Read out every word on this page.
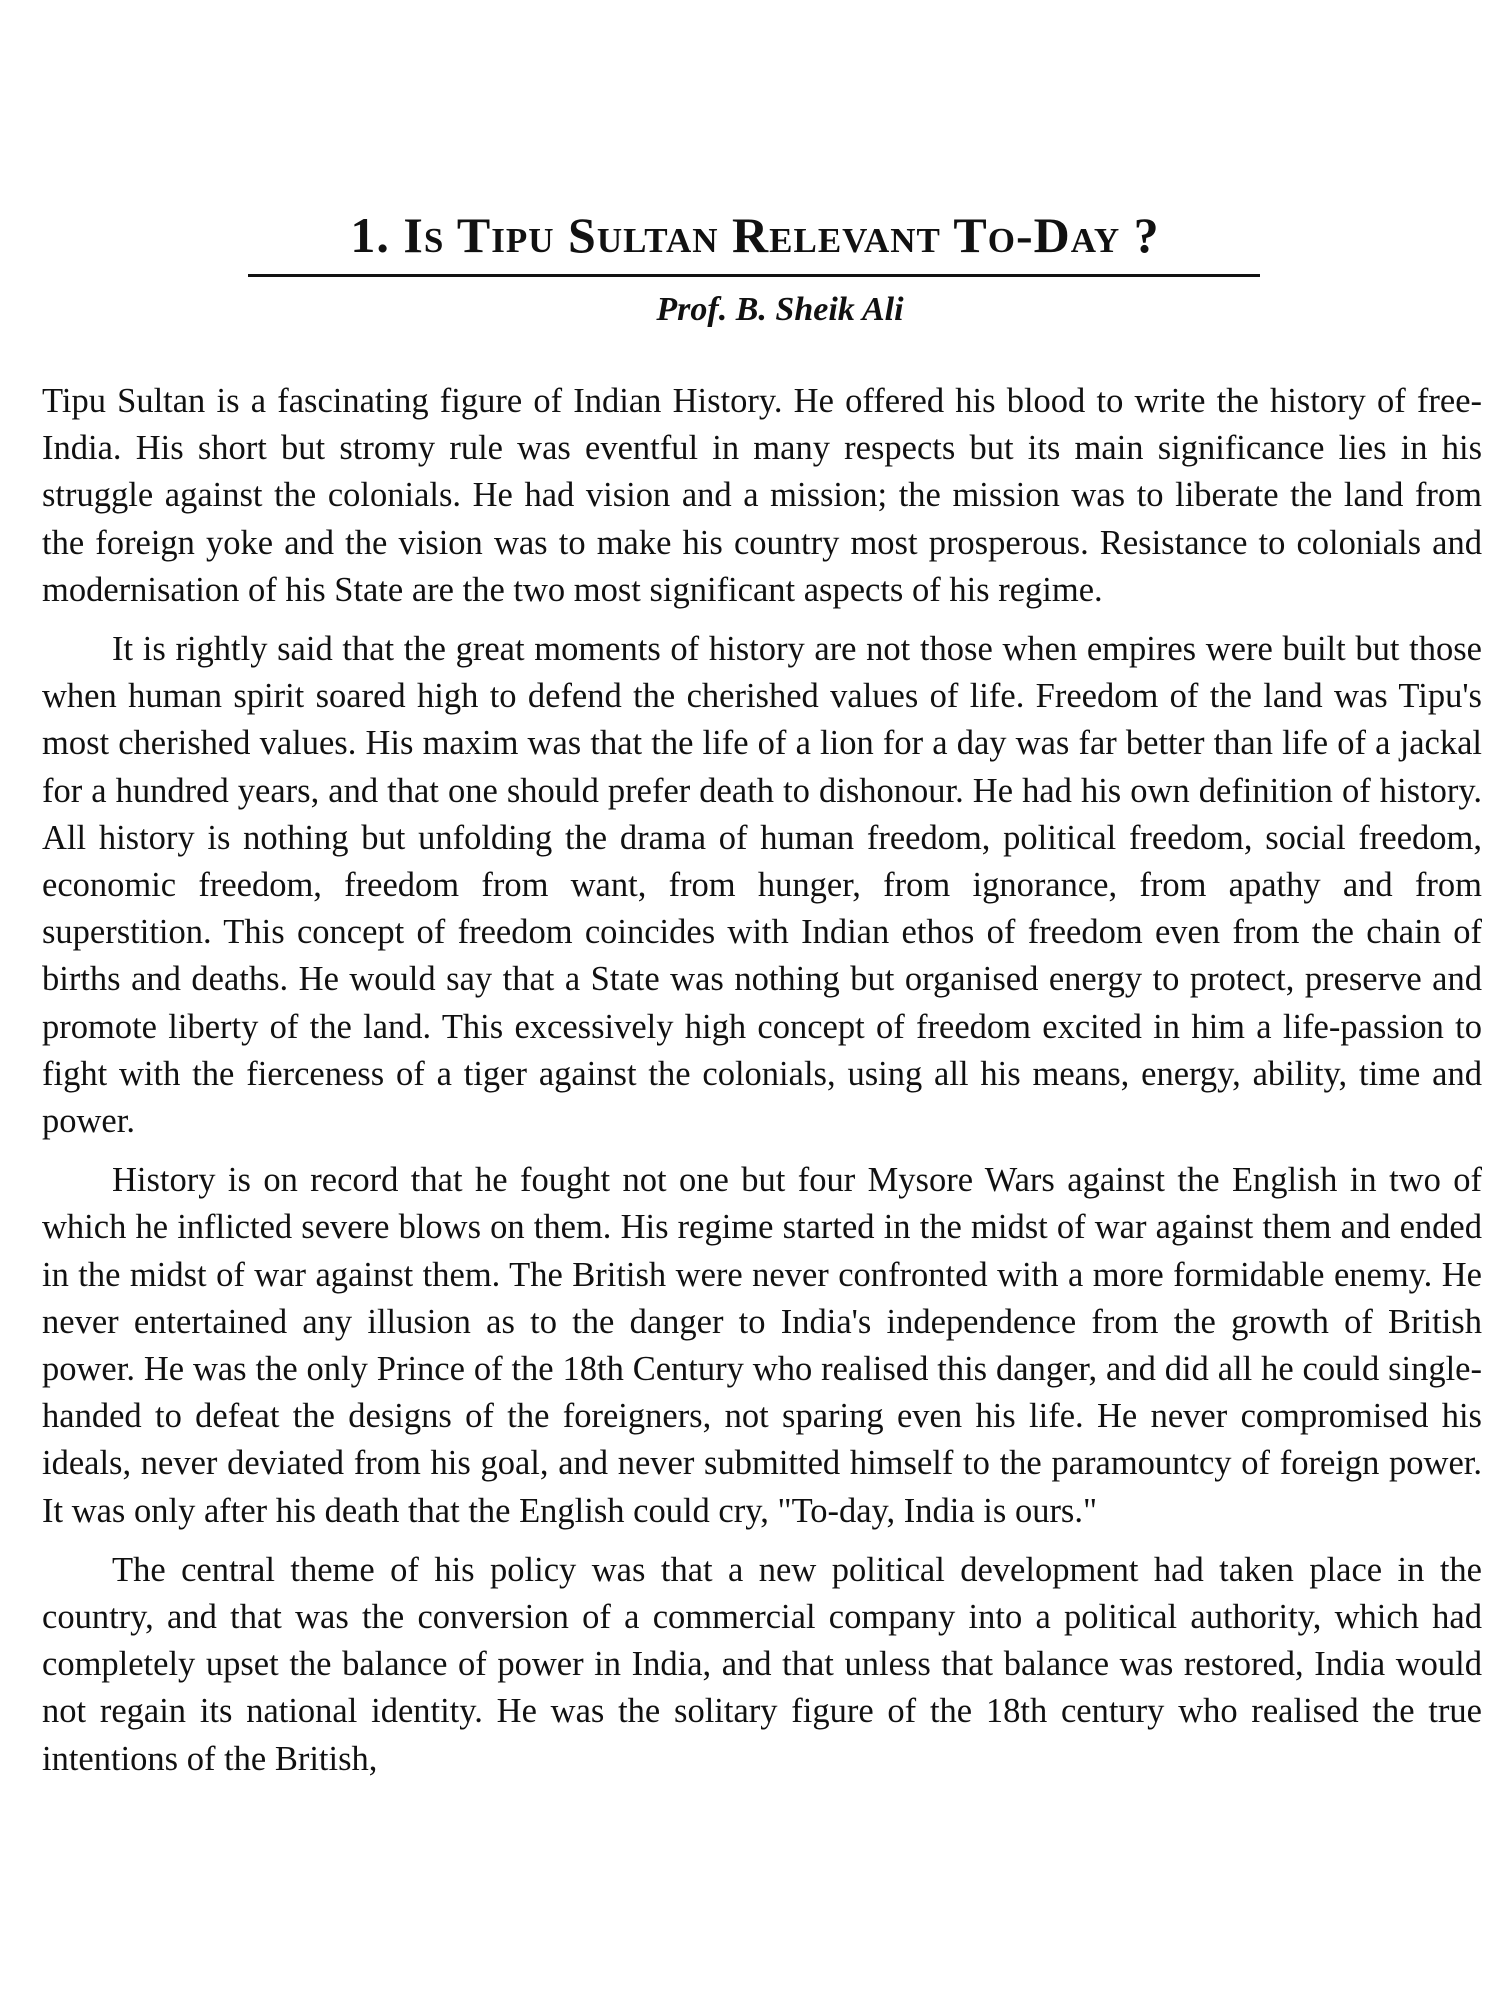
1. Is Tipu Sultan Relevant To-Day ?
Prof. B. Sheik Ali

Tipu Sultan is a fascinating figure of Indian History. He offered his blood to write the history of free-India. His short but stromy rule was eventful in many respects but its main significance lies in his struggle against the colonials. He had vision and a mission; the mission was to liberate the land from the foreign yoke and the vision was to make his country most prosperous. Resistance to colonials and modernisation of his State are the two most significant aspects of his regime.

It is rightly said that the great moments of history are not those when empires were built but those when human spirit soared high to defend the cherished values of life. Freedom of the land was Tipu's most cherished values. His maxim was that the life of a lion for a day was far better than life of a jackal for a hundred years, and that one should prefer death to dishonour. He had his own definition of history. All history is nothing but unfolding the drama of human freedom, political freedom, social freedom, economic freedom, freedom from want, from hunger, from ignorance, from apathy and from superstition. This concept of freedom coincides with Indian ethos of freedom even from the chain of births and deaths. He would say that a State was nothing but organised energy to protect, preserve and promote liberty of the land. This excessively high concept of freedom excited in him a life-passion to fight with the fierceness of a tiger against the colonials, using all his means, energy, ability, time and power.

History is on record that he fought not one but four Mysore Wars against the English in two of which he inflicted severe blows on them. His regime started in the midst of war against them and ended in the midst of war against them. The British were never confronted with a more formidable enemy. He never entertained any illusion as to the danger to India's independence from the growth of British power. He was the only Prince of the 18th Century who realised this danger, and did all he could single-handed to defeat the designs of the foreigners, not sparing even his life. He never compromised his ideals, never deviated from his goal, and never submitted himself to the paramountcy of foreign power. It was only after his death that the English could cry, "To-day, India is ours."

The central theme of his policy was that a new political development had taken place in the country, and that was the conversion of a commercial company into a political authority, which had completely upset the balance of power in India, and that unless that balance was restored, India would not regain its national identity. He was the solitary figure of the 18th century who realised the true intentions of the British,
